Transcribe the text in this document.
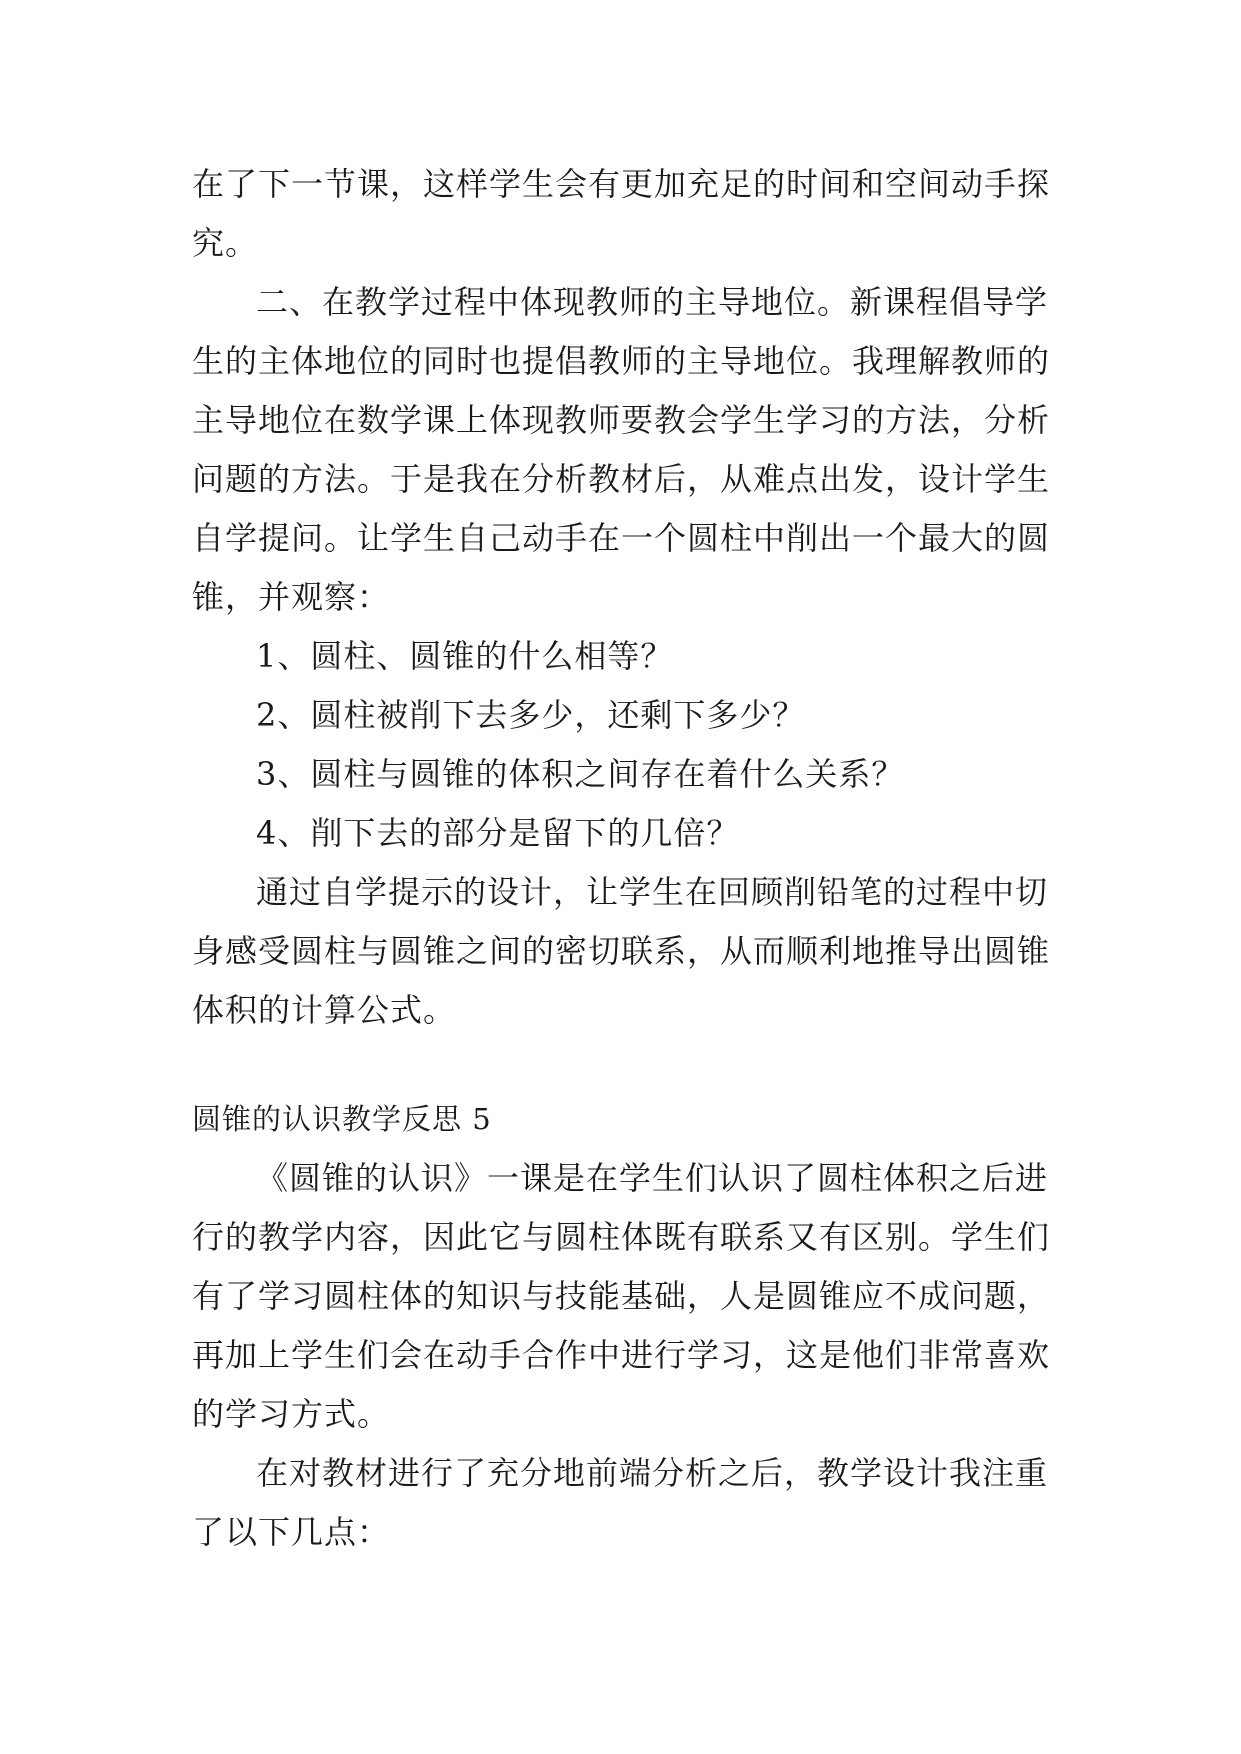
在了下一节课，这样学生会有更加充足的时间和空间动手探
究。
二、在教学过程中体现教师的主导地位。新课程倡导学
生的主体地位的同时也提倡教师的主导地位。我理解教师的
主导地位在数学课上体现教师要教会学生学习的方法，分析
问题的方法。于是我在分析教材后，从难点出发，设计学生
自学提问。让学生自己动手在一个圆柱中削出一个最大的圆
锥，并观察：
1、圆柱、圆锥的什么相等？
2、圆柱被削下去多少，还剩下多少？
3、圆柱与圆锥的体积之间存在着什么关系？
4、削下去的部分是留下的几倍？
通过自学提示的设计，让学生在回顾削铅笔的过程中切
身感受圆柱与圆锥之间的密切联系，从而顺利地推导出圆锥
体积的计算公式。
圆锥的认识教学反思 5
《圆锥的认识》一课是在学生们认识了圆柱体积之后进
行的教学内容，因此它与圆柱体既有联系又有区别。学生们
有了学习圆柱体的知识与技能基础，人是圆锥应不成问题，
再加上学生们会在动手合作中进行学习，这是他们非常喜欢
的学习方式。
在对教材进行了充分地前端分析之后，教学设计我注重
了以下几点：
